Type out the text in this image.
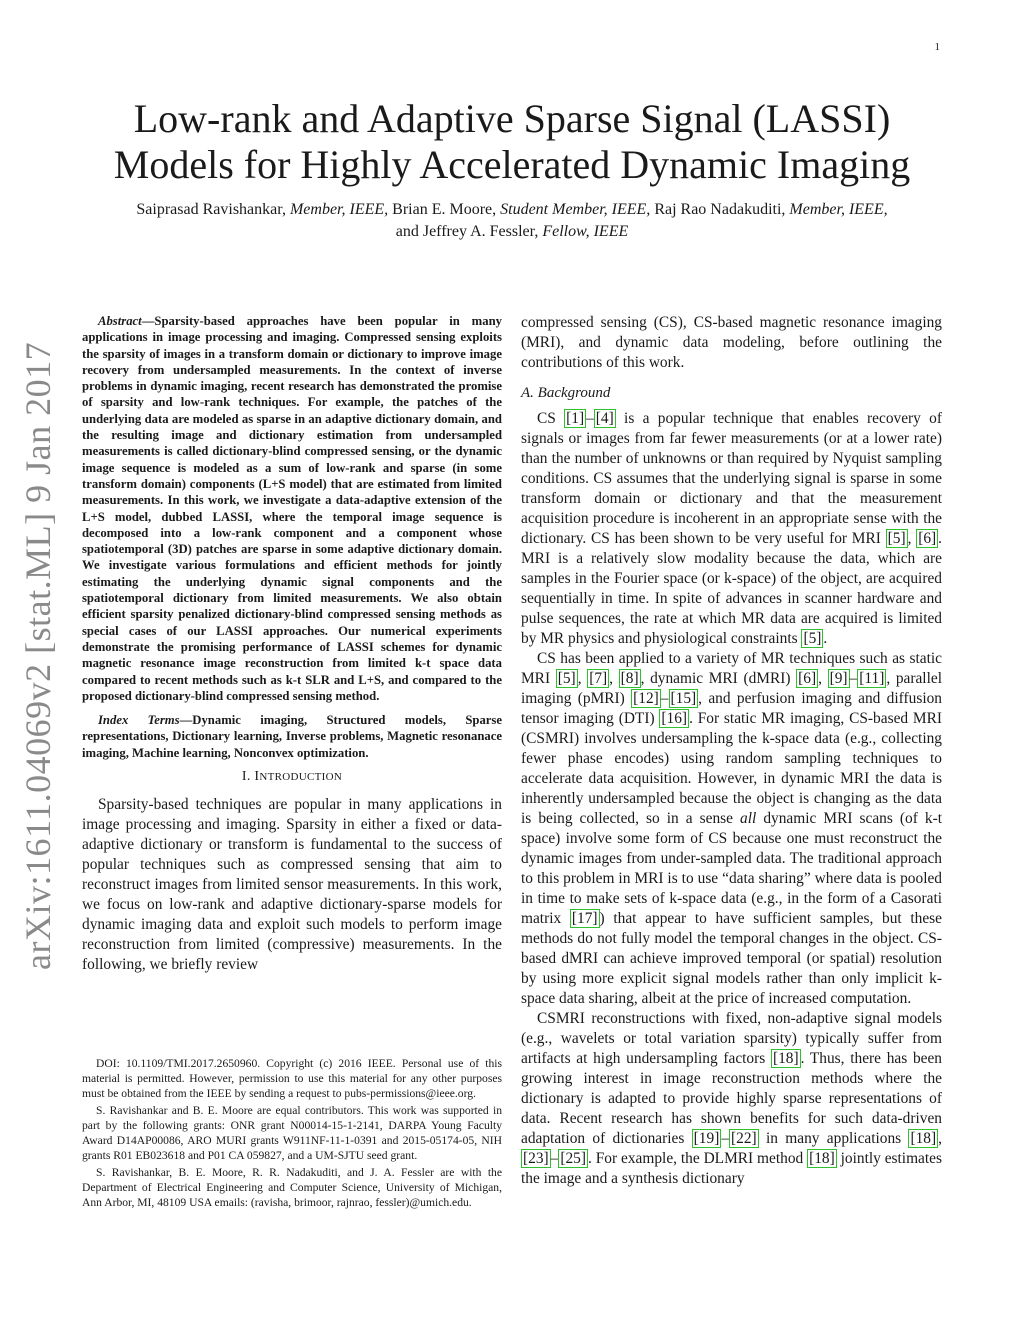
1
arXiv:1611.04069v2 [stat.ML] 9 Jan 2017
Low-rank and Adaptive Sparse Signal (LASSI)
Models for Highly Accelerated Dynamic Imaging
Saiprasad Ravishankar, Member, IEEE, Brian E. Moore, Student Member, IEEE, Raj Rao Nadakuditi, Member, IEEE,
and Jeffrey A. Fessler, Fellow, IEEE

Abstract—Sparsity-based approaches have been popular in many applications in image processing and imaging. Compressed sensing exploits the sparsity of images in a transform domain or dictionary to improve image recovery from undersampled measurements. In the context of inverse problems in dynamic imaging, recent research has demonstrated the promise of sparsity and low-rank techniques. For example, the patches of the underlying data are modeled as sparse in an adaptive dictionary domain, and the resulting image and dictionary estimation from undersampled measurements is called dictionary-blind compressed sensing, or the dynamic image sequence is modeled as a sum of low-rank and sparse (in some transform domain) components (L+S model) that are estimated from limited measurements. In this work, we investigate a data-adaptive extension of the L+S model, dubbed LASSI, where the temporal image sequence is decomposed into a low-rank component and a component whose spatiotemporal (3D) patches are sparse in some adaptive dictionary domain. We investigate various formulations and efficient methods for jointly estimating the underlying dynamic signal components and the spatiotemporal dictionary from limited measurements. We also obtain efficient sparsity penalized dictionary-blind compressed sensing methods as special cases of our LASSI approaches. Our numerical experiments demonstrate the promising performance of LASSI schemes for dynamic magnetic resonance image reconstruction from limited k-t space data compared to recent methods such as k-t SLR and L+S, and compared to the proposed dictionary-blind compressed sensing method.

Index Terms—Dynamic imaging, Structured models, Sparse representations, Dictionary learning, Inverse problems, Magnetic resonanace imaging, Machine learning, Nonconvex optimization.

I. INTRODUCTION

Sparsity-based techniques are popular in many applications in image processing and imaging. Sparsity in either a fixed or data-adaptive dictionary or transform is fundamental to the success of popular techniques such as compressed sensing that aim to reconstruct images from limited sensor measurements. In this work, we focus on low-rank and adaptive dictionary-sparse models for dynamic imaging data and exploit such models to perform image reconstruction from limited (compressive) measurements. In the following, we briefly review

DOI: 10.1109/TMI.2017.2650960. Copyright (c) 2016 IEEE. Personal use of this material is permitted. However, permission to use this material for any other purposes must be obtained from the IEEE by sending a request to pubs-permissions@ieee.org.

S. Ravishankar and B. E. Moore are equal contributors. This work was supported in part by the following grants: ONR grant N00014-15-1-2141, DARPA Young Faculty Award D14AP00086, ARO MURI grants W911NF-11-1-0391 and 2015-05174-05, NIH grants R01 EB023618 and P01 CA 059827, and a UM-SJTU seed grant.

S. Ravishankar, B. E. Moore, R. R. Nadakuditi, and J. A. Fessler are with the Department of Electrical Engineering and Computer Science, University of Michigan, Ann Arbor, MI, 48109 USA emails: (ravisha, brimoor, rajnrao, fessler)@umich.edu.

compressed sensing (CS), CS-based magnetic resonance imaging (MRI), and dynamic data modeling, before outlining the contributions of this work.

A. Background

CS [1] – [4] is a popular technique that enables recovery of signals or images from far fewer measurements (or at a lower rate) than the number of unknowns or than required by Nyquist sampling conditions. CS assumes that the underlying signal is sparse in some transform domain or dictionary and that the measurement acquisition procedure is incoherent in an appropriate sense with the dictionary. CS has been shown to be very useful for MRI [5] , [6] . MRI is a relatively slow modality because the data, which are samples in the Fourier space (or k-space) of the object, are acquired sequentially in time. In spite of advances in scanner hardware and pulse sequences, the rate at which MR data are acquired is limited by MR physics and physiological constraints [5] .

CS has been applied to a variety of MR techniques such as static MRI [5] , [7] , [8] , dynamic MRI (dMRI) [6] , [9] – [11] , parallel imaging (pMRI) [12] – [15] , and perfusion imaging and diffusion tensor imaging (DTI) [16] . For static MR imaging, CS-based MRI (CSMRI) involves undersampling the k-space data (e.g., collecting fewer phase encodes) using random sampling techniques to accelerate data acquisition. However, in dynamic MRI the data is inherently undersampled because the object is changing as the data is being collected, so in a sense all dynamic MRI scans (of k-t space) involve some form of CS because one must reconstruct the dynamic images from under-sampled data. The traditional approach to this problem in MRI is to use “data sharing” where data is pooled in time to make sets of k-space data (e.g., in the form of a Casorati matrix [17] ) that appear to have sufficient samples, but these methods do not fully model the temporal changes in the object. CS-based dMRI can achieve improved temporal (or spatial) resolution by using more explicit signal models rather than only implicit k-space data sharing, albeit at the price of increased computation.

CSMRI reconstructions with fixed, non-adaptive signal models (e.g., wavelets or total variation sparsity) typically suffer from artifacts at high undersampling factors [18] . Thus, there has been growing interest in image reconstruction methods where the dictionary is adapted to provide highly sparse representations of data. Recent research has shown benefits for such data-driven adaptation of dictionaries [19] – [22] in many applications [18] , [23] – [25] . For example, the DLMRI method [18] jointly estimates the image and a synthesis dictionary
